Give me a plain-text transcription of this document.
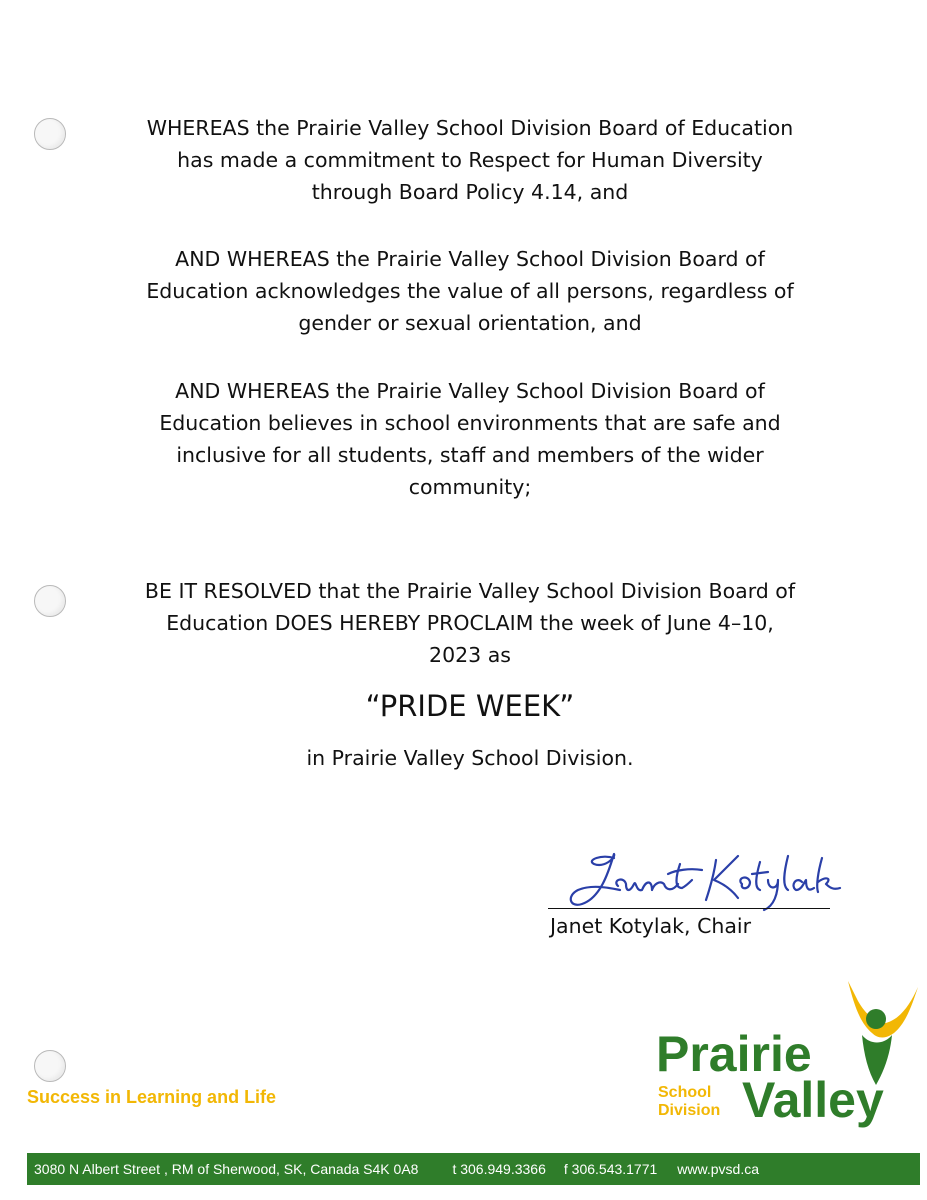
WHEREAS the Prairie Valley School Division Board of Education
has made a commitment to Respect for Human Diversity
through Board Policy 4.14, and

AND WHEREAS the Prairie Valley School Division Board of
Education acknowledges the value of all persons, regardless of
gender or sexual orientation, and

AND WHEREAS the Prairie Valley School Division Board of
Education believes in school environments that are safe and
inclusive for all students, staff and members of the wider
community;

BE IT RESOLVED that the Prairie Valley School Division Board of
Education DOES HEREBY PROCLAIM the week of June 4–10,
2023 as

“PRIDE WEEK”

in Prairie Valley School Division.

Janet Kotylak, Chair
Success in Learning and Life
Prairie
School
Division Valley
3080 N Albert Street , RM of Sherwood, SK, Canada S4K 0A8 t 306.949.3366 f 306.543.1771 www.pvsd.ca
